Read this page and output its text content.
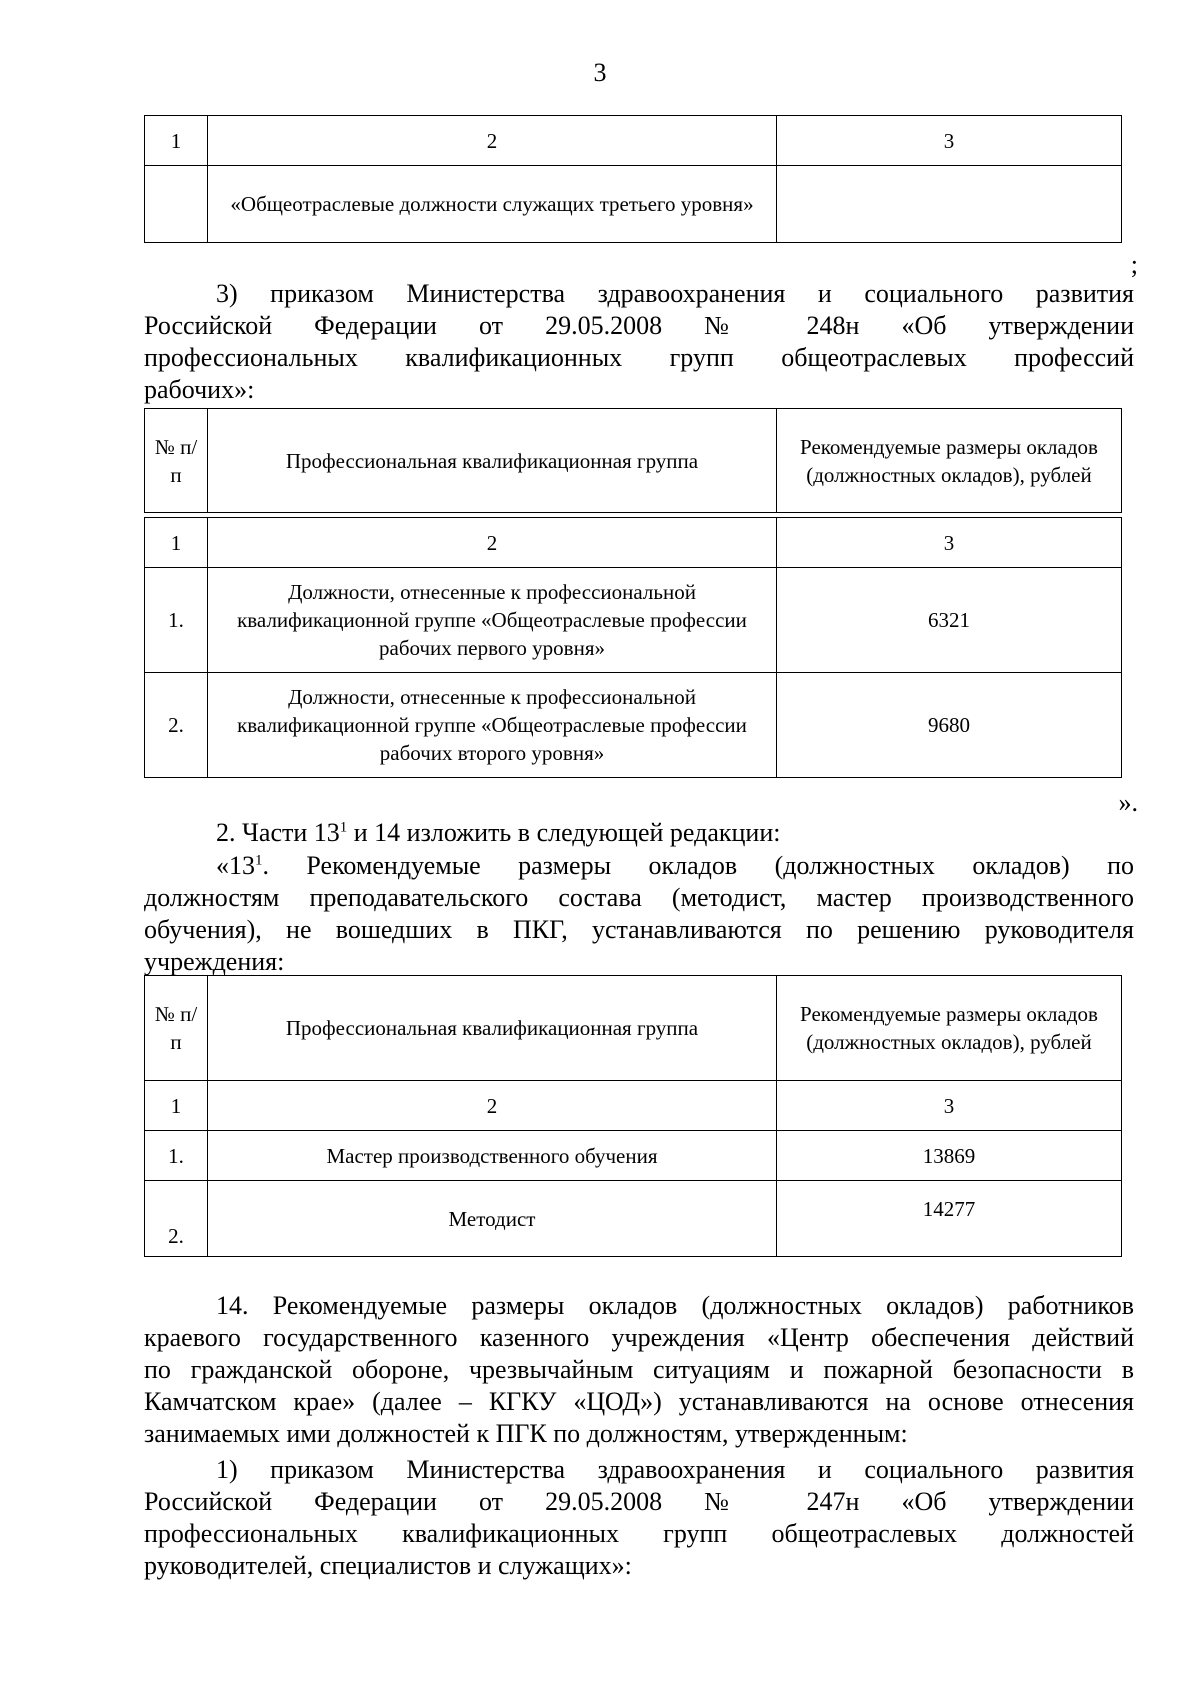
3
1	2	3
	«Общеотраслевые должности служащих третьего уровня»	
;

3) приказом Министерства здравоохранения и социального развития

Российской Федерации от 29.05.2008 № 248н «Об утверждении

профессиональных квалификационных групп общеотраслевых профессий

рабочих»:

№ п/п	Профессиональная квалификационная группа	Рекомендуемые размеры окладов (должностных окладов), рублей
1	2	3
1.	Должности, отнесенные к профессиональной квалификационной группе «Общеотраслевые профессии рабочих первого уровня»	6321
2.	Должности, отнесенные к профессиональной квалификационной группе «Общеотраслевые профессии рабочих второго уровня»	9680
».

2. Части $13^1$ и 14 изложить в следующей редакции:

«$13^1$. Рекомендуемые размеры окладов (должностных окладов) по

должностям преподавательского состава (методист, мастер производственного

обучения), не вошедших в ПКГ, устанавливаются по решению руководителя

учреждения:

№ п/п	Профессиональная квалификационная группа	Рекомендуемые размеры окладов (должностных окладов), рублей
1	2	3
1.	Мастер производственного обучения	13869
2.	Методист	14277

14. Рекомендуемые размеры окладов (должностных окладов) работников

краевого государственного казенного учреждения «Центр обеспечения действий

по гражданской обороне, чрезвычайным ситуациям и пожарной безопасности в

Камчатском крае» (далее – КГКУ «ЦОД») устанавливаются на основе отнесения

занимаемых ими должностей к ПГК по должностям, утвержденным:

1) приказом Министерства здравоохранения и социального развития

Российской Федерации от 29.05.2008 № 247н «Об утверждении

профессиональных квалификационных групп общеотраслевых должностей

руководителей, специалистов и служащих»:
